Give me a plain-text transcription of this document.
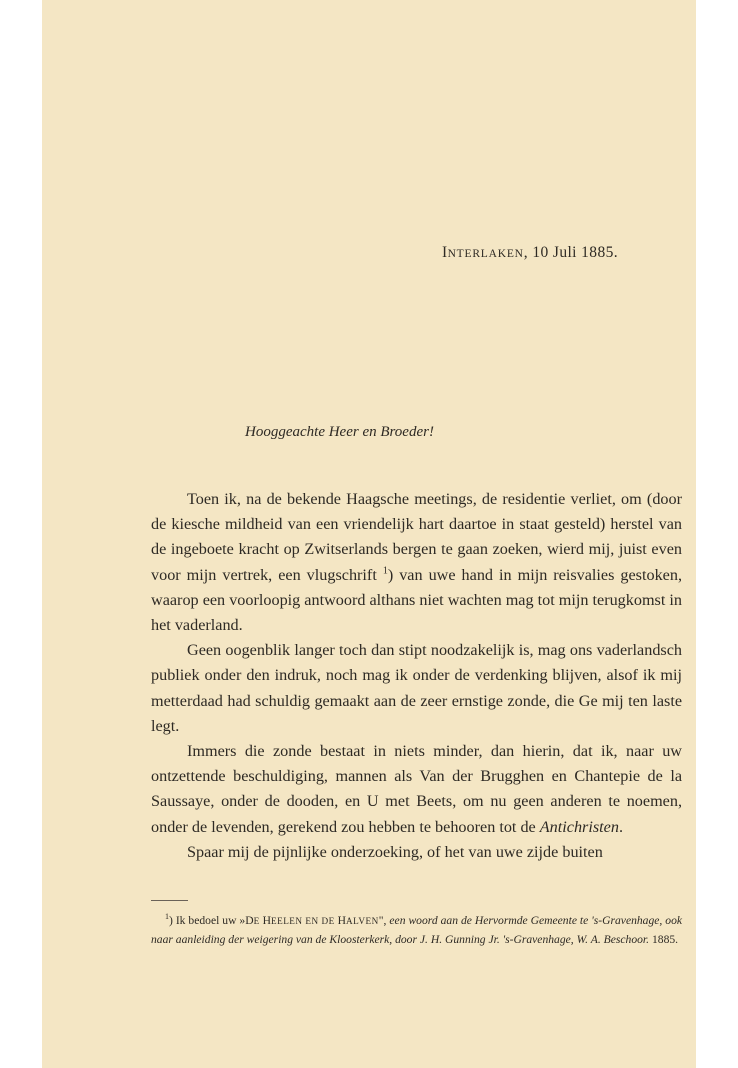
INTERLAKEN, 10 Juli 1885.
Hooggeachte Heer en Broeder!

Toen ik, na de bekende Haagsche meetings, de residentie verliet, om (door de kiesche mildheid van een vriendelijk hart daartoe in staat gesteld) herstel van de ingeboete kracht op Zwitserlands bergen te gaan zoeken, wierd mij, juist even voor mijn vertrek, een vlugschrift $^1$) van uwe hand in mijn reisvalies gestoken, waarop een voorloopig antwoord althans niet wachten mag tot mijn terugkomst in het vaderland.

Geen oogenblik langer toch dan stipt noodzakelijk is, mag ons vaderlandsch publiek onder den indruk, noch mag ik onder de verdenking blijven, alsof ik mij metterdaad had schuldig gemaakt aan de zeer ernstige zonde, die Ge mij ten laste legt.

Immers die zonde bestaat in niets minder, dan hierin, dat ik, naar uw ontzettende beschuldiging, mannen als Van der Brugghen en Chantepie de la Saussaye, onder de dooden, en U met Beets, om nu geen anderen te noemen, onder de levenden, gerekend zou hebben te behooren tot de Antichristen.

Spaar mij de pijnlijke onderzoeking, of het van uwe zijde buiten

$^1$) Ik bedoel uw »DE HEELEN EN DE HALVEN", een woord aan de Hervormde Gemeente te 's-Gravenhage, ook naar aanleiding der weigering van de Kloosterkerk, door J. H. Gunning Jr. 's-Gravenhage, W. A. Beschoor. 1885.
